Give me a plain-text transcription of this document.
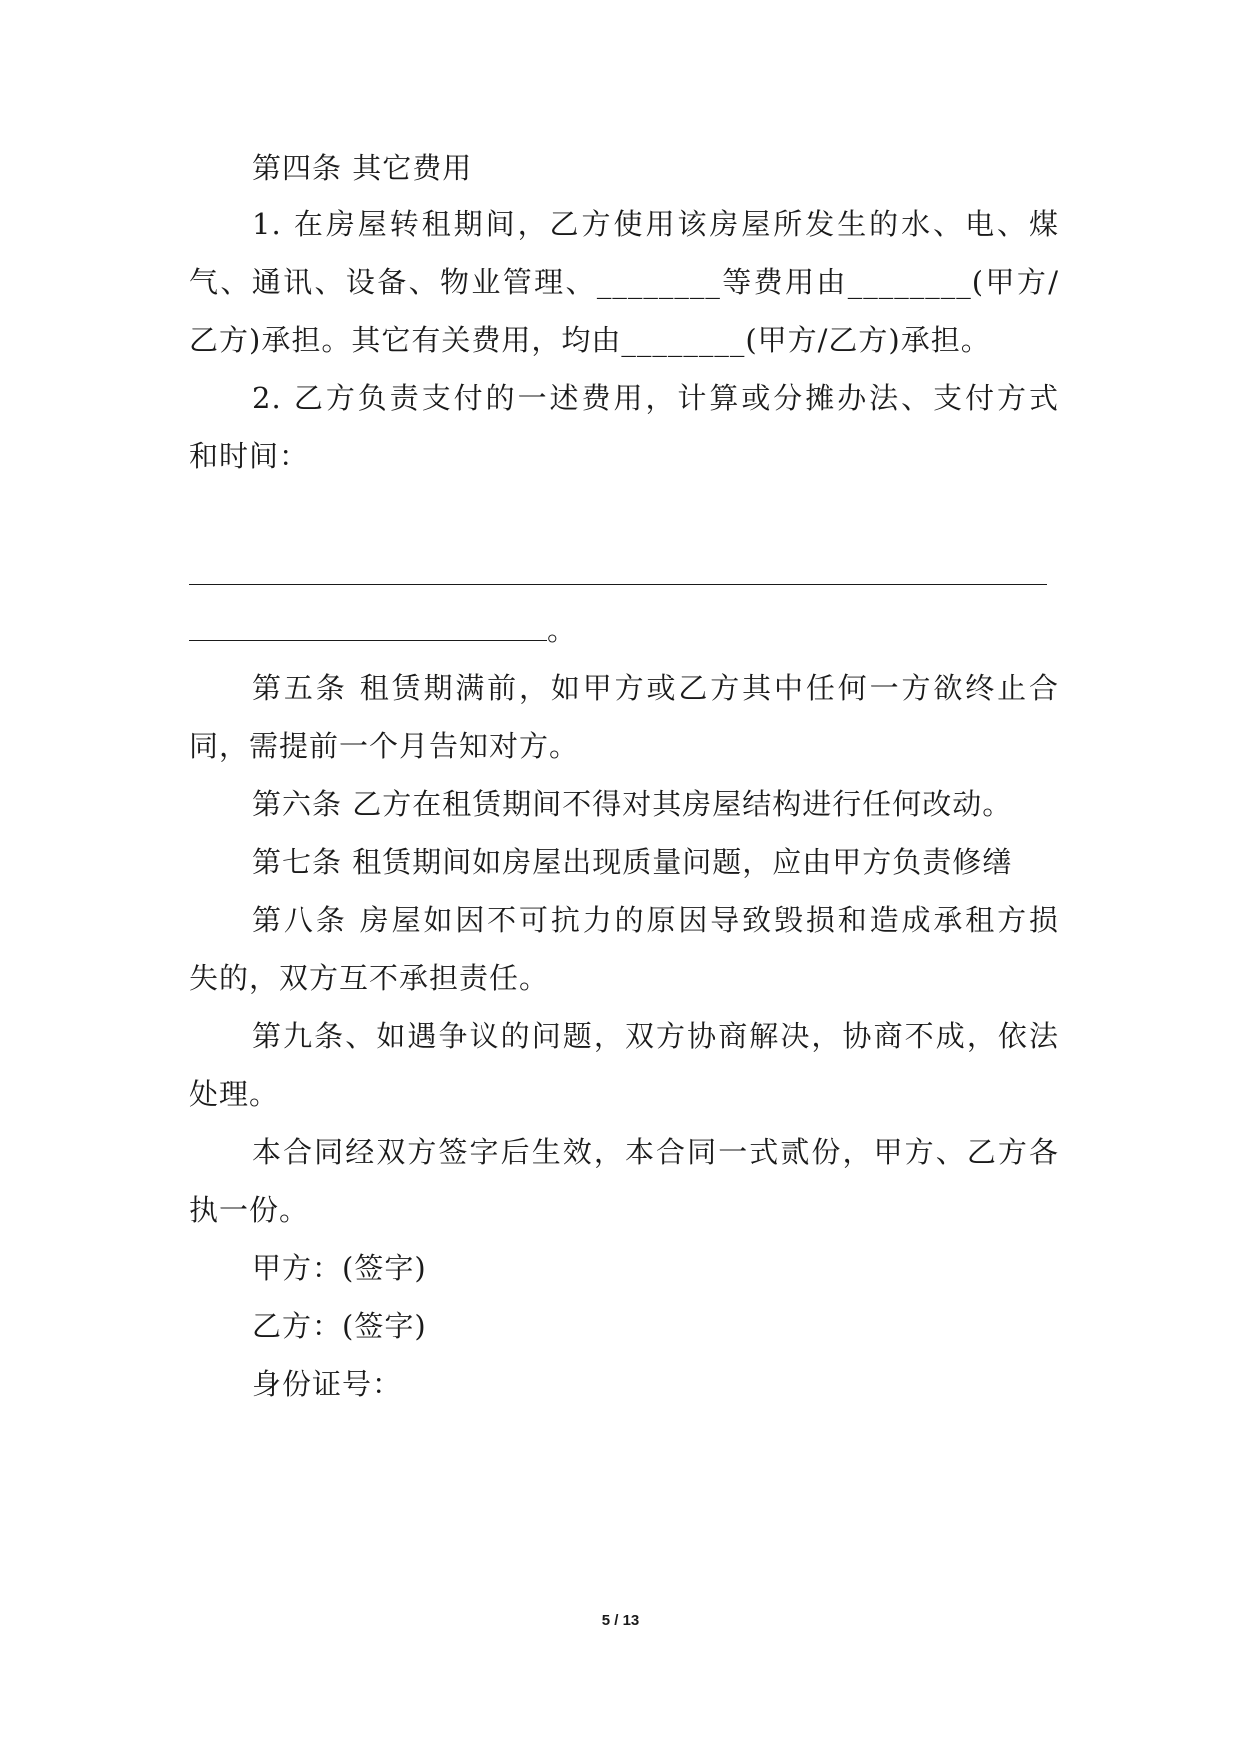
第四条 其它费用
1. 在房屋转租期间，乙方使用该房屋所发生的水、电、煤
气、通讯、设备、物业管理、________等费用由________(甲方/
乙方)承担。其它有关费用，均由________(甲方/乙方)承担。
2. 乙方负责支付的一述费用，计算或分摊办法、支付方式
和时间：
。
第五条 租赁期满前，如甲方或乙方其中任何一方欲终止合
同，需提前一个月告知对方。
第六条 乙方在租赁期间不得对其房屋结构进行任何改动。
第七条 租赁期间如房屋出现质量问题，应由甲方负责修缮
第八条 房屋如因不可抗力的原因导致毁损和造成承租方损
失的，双方互不承担责任。
第九条、如遇争议的问题，双方协商解决，协商不成，依法
处理。
本合同经双方签字后生效，本合同一式贰份，甲方、乙方各
执一份。
甲方：(签字)
乙方：(签字)
身份证号：
5 / 13
